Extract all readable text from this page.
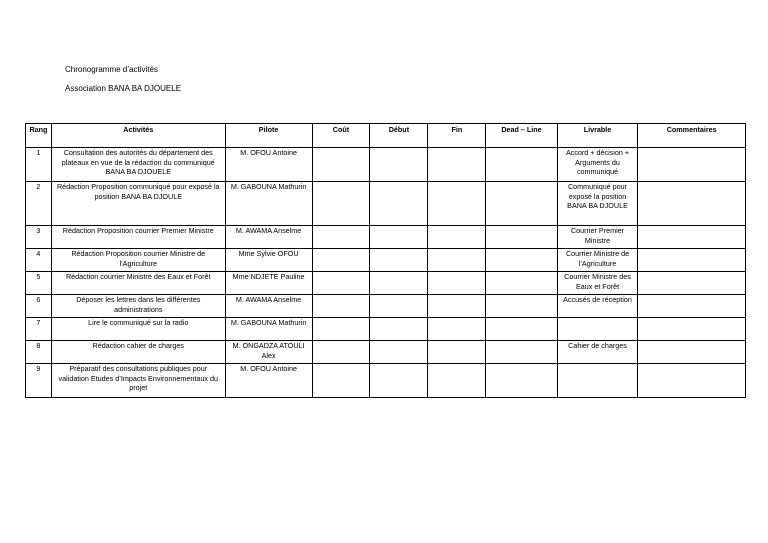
Chronogramme d’activités
Association BANA BA DJOUELE
Rang	Activités	Pilote	Coût	Début	Fin	Dead – Line	Livrable	Commentaires
1	Consultation des autorités du département des plateaux en vue de la rédaction du communiqué BANA BA DJOUELE	M. OFOU Antoine					Accord + décision + Arguments du communiqué	
2	Rédaction Proposition communiqué pour exposé la position BANA BA DJOULE	M. GABOUNA Mathurin					Communiqué pour exposé la position BANA BA DJOULE	
3	Rédaction Proposition courrier Premier Ministre	M. AWAMA Anselme					Courrier Premier Ministre	
4	Rédaction Proposition courrier Ministre de l’Agriculture	Mme Sylvie OFOU					Courrier Ministre de l’Agriculture	
5	Rédaction courrier Ministre des Eaux et Forêt	Mme NDJETE Pauline					Courrier Ministre des Eaux et Forêt	
6	Déposer les lettres dans les différentes administrations	M. AWAMA Anselme					Accusés de réception	
7	Lire le communiqué sur la radio	M. GABOUNA Mathurin						
8	Rédaction cahier de charges	M. ONGADZA ATOULI Alex					Cahier de charges	
9	Préparatif des consultations publiques pour validation Etudes d’Impacts Environnementaux du projet	M. OFOU Antoine						
